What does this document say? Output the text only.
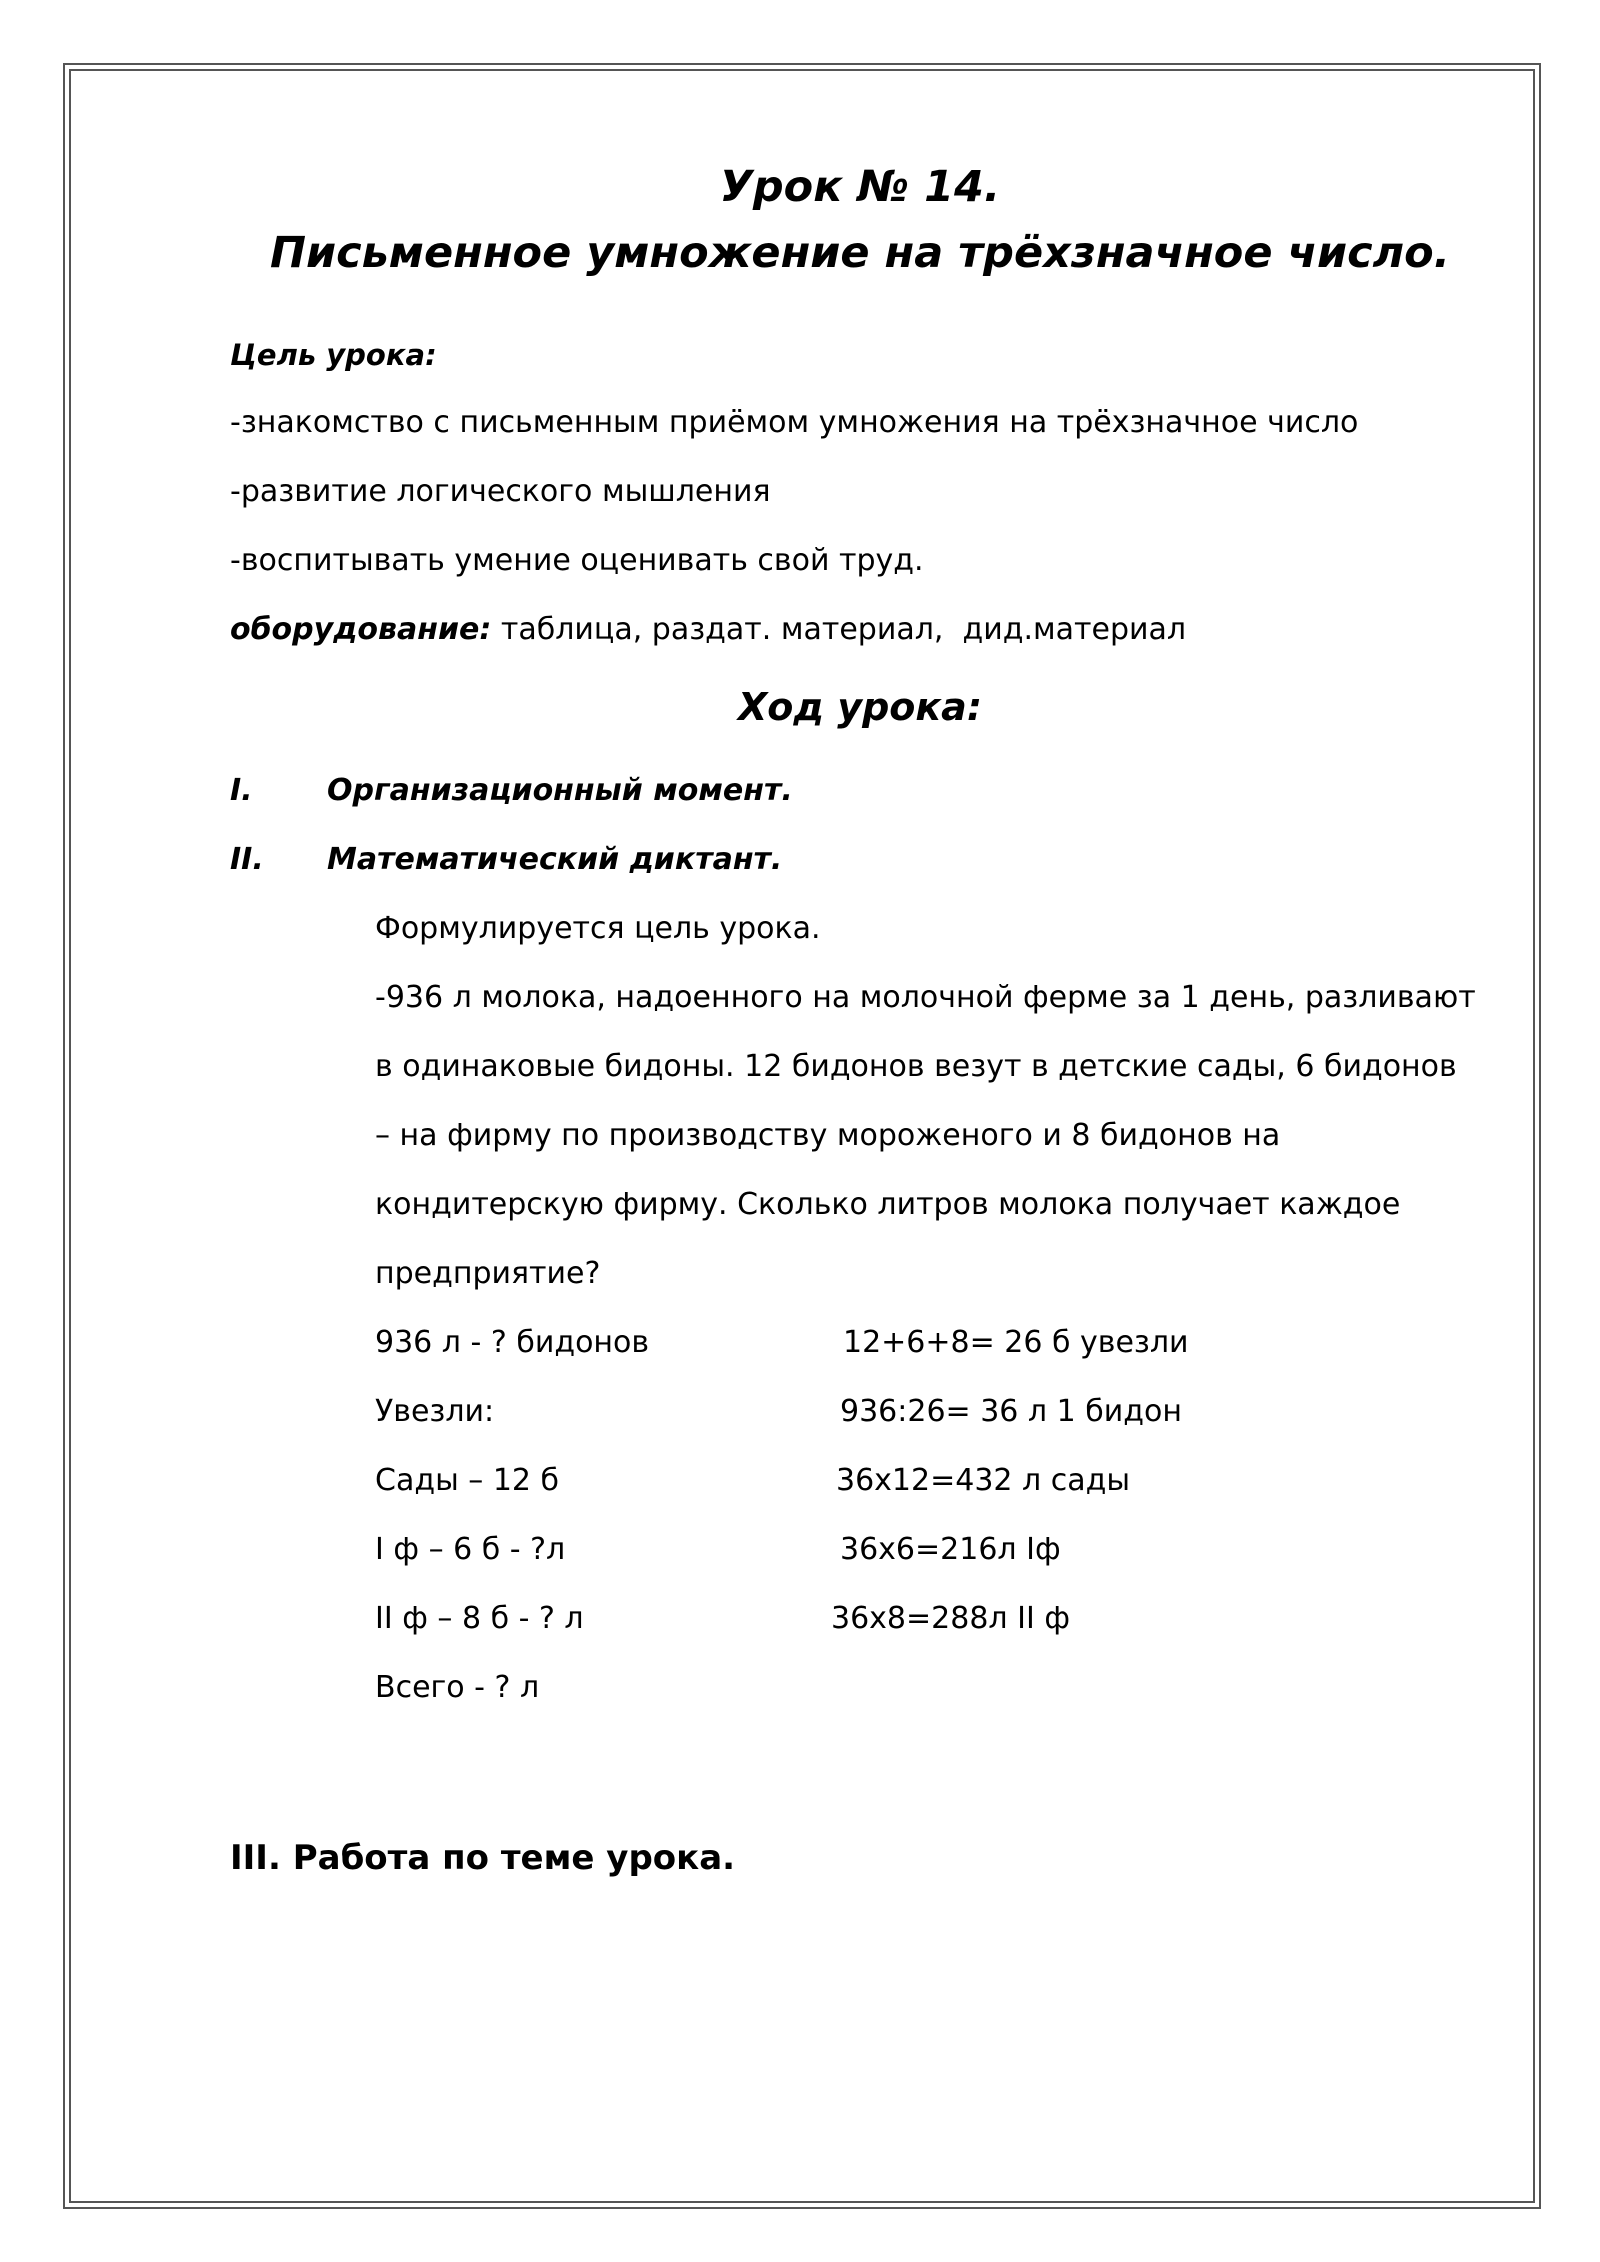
Урок № 14.
Письменное умножение на трёхзначное число.
Цель урока:
-знакомство с письменным приёмом умножения на трёхзначное число
-развитие логического мышления
-воспитывать умение оценивать свой труд.
оборудование: таблица, раздат. материал,  дид.материал
Ход урока:
I. Организационный момент.
II. Математический диктант.
Формулируется цель урока.
-936 л молока, надоенного на молочной ферме за 1 день, разливают
в одинаковые бидоны. 12 бидонов везут в детские сады, 6 бидонов
– на фирму по производству мороженого и 8 бидонов на
кондитерскую фирму. Сколько литров молока получает каждое
предприятие?
936 л - ? бидонов	12+6+8= 26 б увезли
Увезли:	936:26= 36 л 1 бидон
Сады – 12 б	36х12=432 л сады
I ф – 6 б - ?л	36х6=216л Iф
II ф – 8 б - ? л	36х8=288л II ф
Всего - ? л
III. Работа по теме урока.
